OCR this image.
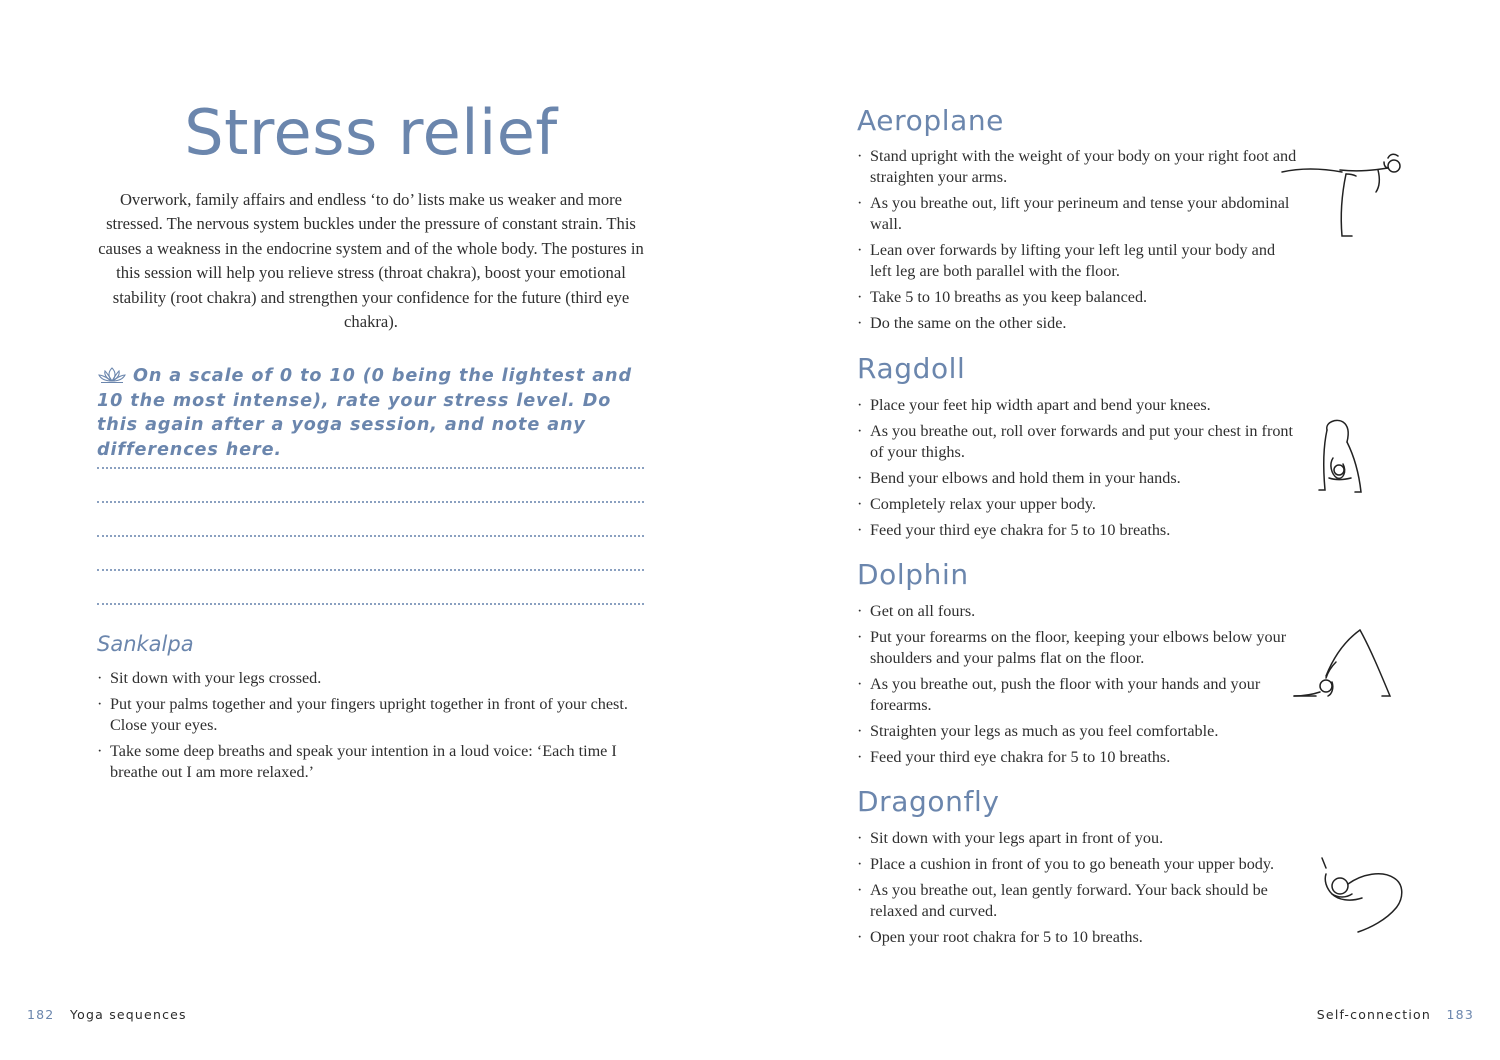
Stress relief

Overwork, family affairs and endless ‘to do’ lists make us weaker and more stressed. The nervous system buckles under the pressure of constant strain. This causes a weakness in the endocrine system and of the whole body. The postures in this session will help you relieve stress (throat chakra), boost your emotional stability (root chakra) and strengthen your confidence for the future (third eye chakra).

On a scale of 0 to 10 (0 being the lightest and 10 the most intense), rate your stress level. Do this again after a yoga session, and note any differences here.

Sankalpa
· Sit down with your legs crossed.
· Put your palms together and your fingers upright together in front of your chest. Close your eyes.
· Take some deep breaths and speak your intention in a loud voice: ‘Each time I breathe out I am more relaxed.’
182 Yoga sequences
Aeroplane
· Stand upright with the weight of your body on your right foot and straighten your arms.
· As you breathe out, lift your perineum and tense your abdominal wall.
· Lean over forwards by lifting your left leg until your body and left leg are both parallel with the floor.
· Take 5 to 10 breaths as you keep balanced.
· Do the same on the other side.
Ragdoll
· Place your feet hip width apart and bend your knees.
· As you breathe out, roll over forwards and put your chest in front of your thighs.
· Bend your elbows and hold them in your hands.
· Completely relax your upper body.
· Feed your third eye chakra for 5 to 10 breaths.
Dolphin
· Get on all fours.
· Put your forearms on the floor, keeping your elbows below your shoulders and your palms flat on the floor.
· As you breathe out, push the floor with your hands and your forearms.
· Straighten your legs as much as you feel comfortable.
· Feed your third eye chakra for 5 to 10 breaths.
Dragonfly
· Sit down with your legs apart in front of you.
· Place a cushion in front of you to go beneath your upper body.
· As you breathe out, lean gently forward. Your back should be relaxed and curved.
· Open your root chakra for 5 to 10 breaths.
Self-connection 183
